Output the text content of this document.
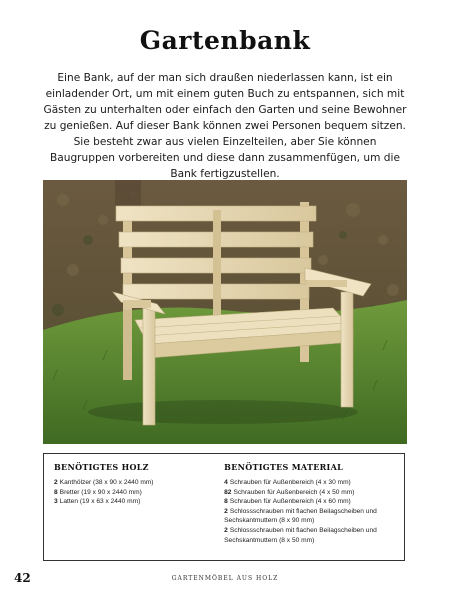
Gartenbank

Eine Bank, auf der man sich draußen niederlassen kann, ist ein einladender Ort, um mit einem guten Buch zu entspannen, sich mit Gästen zu unterhalten oder einfach den Garten und seine Bewohner zu genießen. Auf dieser Bank können zwei Personen bequem sitzen. Sie besteht zwar aus vielen Einzelteilen, aber Sie können Baugruppen vorbereiten und diese dann zusammenfügen, um die Bank fertigzustellen.

BENÖTIGTES HOLZ
2 Kanthölzer (38 x 90 x 2440 mm)
8 Bretter (19 x 90 x 2440 mm)
3 Latten (19 x 63 x 2440 mm)
BENÖTIGTES MATERIAL
4 Schrauben für Außenbereich (4 x 30 mm)
82 Schrauben für Außenbereich (4 x 50 mm)
8 Schrauben für Außenbereich (4 x 60 mm)
2 Schlossschrauben mit flachen Beilagscheiben und Sechskantmuttern (8 x 90 mm)
2 Schlossschrauben mit flachen Beilagscheiben und Sechskantmuttern (8 x 50 mm)
42	GARTENMÖBEL AUS HOLZ
